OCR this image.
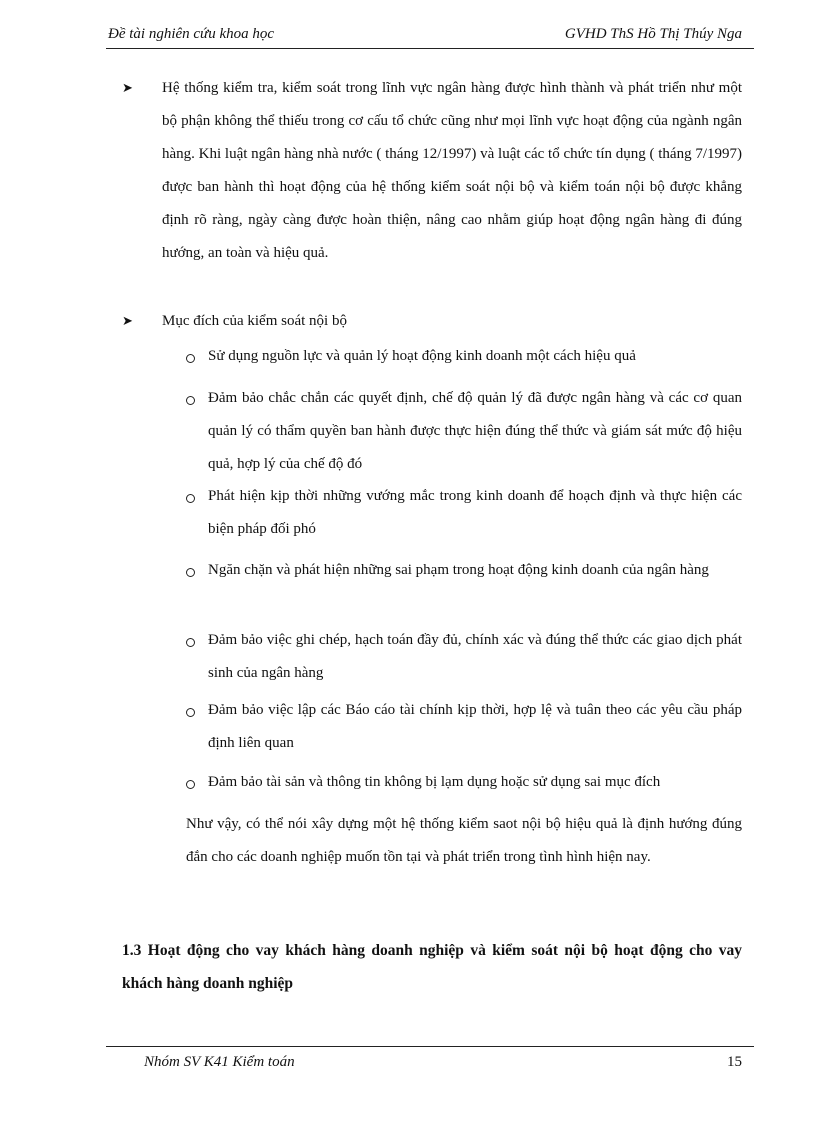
Đề tài nghiên cứu khoa học	GVHD ThS Hồ Thị Thúy Nga
➤ Hệ thống kiểm tra, kiểm soát trong lĩnh vực ngân hàng được hình thành và phát triển như một bộ phận không thể thiếu trong cơ cấu tổ chức cũng như mọi lĩnh vực hoạt động của ngành ngân hàng. Khi luật ngân hàng nhà nước ( tháng 12/1997) và luật các tổ chức tín dụng ( tháng 7/1997) được ban hành thì hoạt động của hệ thống kiểm soát nội bộ và kiểm toán nội bộ được khẳng định rõ ràng, ngày càng được hoàn thiện, nâng cao nhằm giúp hoạt động ngân hàng đi đúng hướng, an toàn và hiệu quả.
➤ Mục đích của kiểm soát nội bộ
Sử dụng nguồn lực và quản lý hoạt động kinh doanh một cách hiệu quả
Đảm bảo chắc chắn các quyết định, chế độ quản lý đã được ngân hàng và các cơ quan quản lý có thẩm quyền ban hành được thực hiện đúng thể thức và giám sát mức độ hiệu quả, hợp lý của chế độ đó
Phát hiện kịp thời những vướng mắc trong kinh doanh để hoạch định và thực hiện các biện pháp đối phó
Ngăn chặn và phát hiện những sai phạm trong hoạt động kinh doanh của ngân hàng
Đảm bảo việc ghi chép, hạch toán đầy đủ, chính xác và đúng thể thức các giao dịch phát sinh của ngân hàng
Đảm bảo việc lập các Báo cáo tài chính kịp thời, hợp lệ và tuân theo các yêu cầu pháp định liên quan
Đảm bảo tài sản và thông tin không bị lạm dụng hoặc sử dụng sai mục đích
Như vậy, có thể nói xây dựng một hệ thống kiểm saot nội bộ hiệu quả là định hướng đúng đắn cho các doanh nghiệp muốn tồn tại và phát triển trong tình hình hiện nay.
1.3 Hoạt động cho vay khách hàng doanh nghiệp và kiểm soát nội bộ hoạt động cho vay khách hàng doanh nghiệp
Nhóm SV K41 Kiểm toán	15
